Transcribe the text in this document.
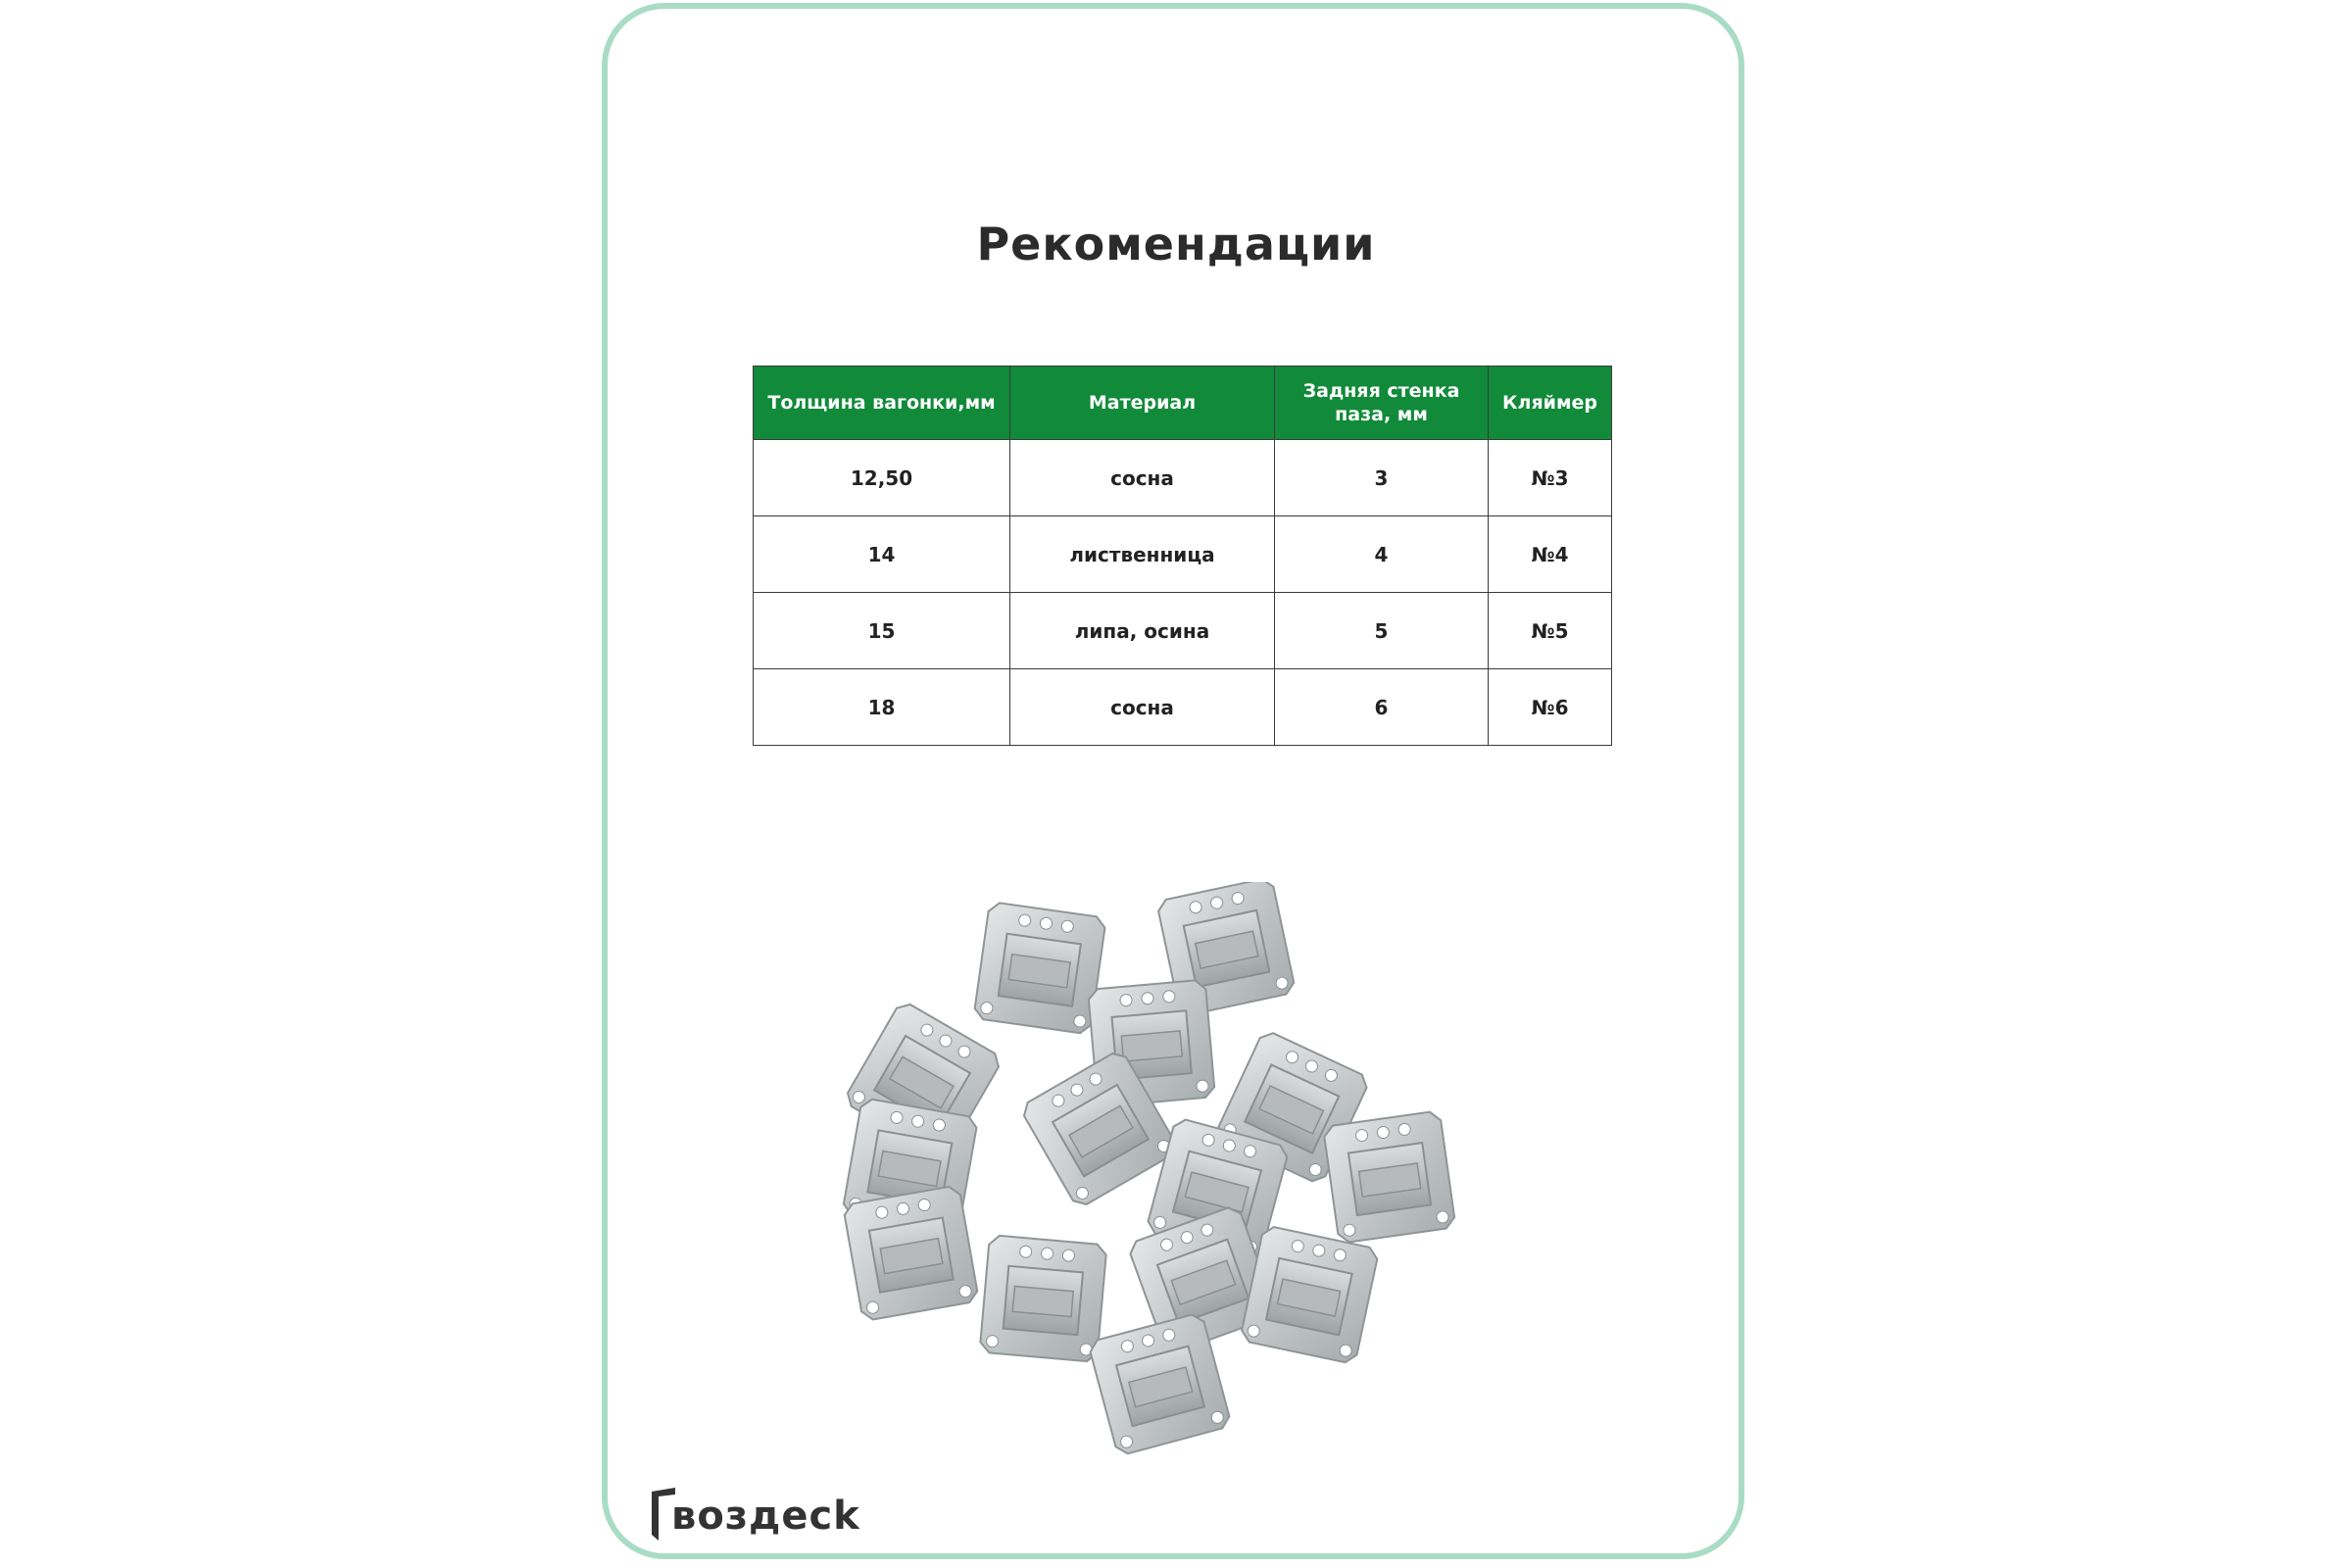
Рекомендации
Толщина вагонки,мм	Материал	Задняя стенка паза, мм	Кляймер
12,50	сосна	3	№3
14	лиственница	4	№4
15	липа, осина	5	№5
18	сосна	6	№6
воздеck
